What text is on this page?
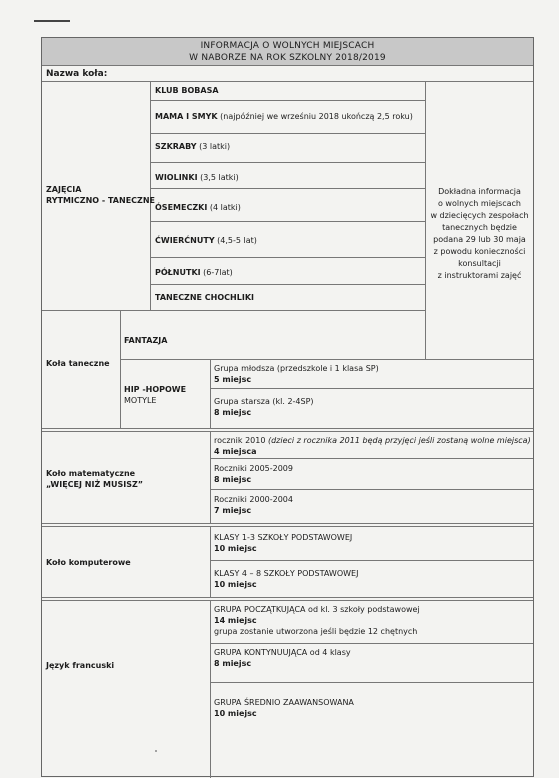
INFORMACJA O WOLNYCH MIEJSCACH
W NABORZE NA ROK SZKOLNY 2018/2019
Nazwa koła:
ZAJĘCIA
RYTMICZNO - TANECZNE
KLUB BOBASA
MAMA I SMYK (najpóźniej we wrześniu 2018 ukończą 2,5 roku)
SZKRABY (3 latki)
WIOLINKI (3,5 latki)
ÓSEMECZKI (4 latki)
ĆWIERĆNUTY (4,5-5 lat)
PÓŁNUTKI (6-7lat)
TANECZNE CHOCHLIKI
Dokładna informacja
o wolnych miejscach
w dziecięcych zespołach
tanecznych będzie
podana 29 lub 30 maja
z powodu konieczności
konsultacji
z instruktorami zajęć
Koła taneczne
FANTAZJA
HIP -HOPOWE
MOTYLE
Grupa młodsza (przedszkole i 1 klasa SP)
5 miejsc
Grupa starsza (kl. 2-4SP)
8 miejsc
Koło matematyczne
„WIĘCEJ NIŻ MUSISZ”
rocznik 2010 (dzieci z rocznika 2011 będą przyjęci jeśli zostaną wolne miejsca)
4 miejsca
Roczniki 2005-2009
8 miejsc
Roczniki 2000-2004
7 miejsc
Koło komputerowe
KLASY 1-3 SZKOŁY PODSTAWOWEJ
10 miejsc
KLASY 4 – 8 SZKOŁY PODSTAWOWEJ
10 miejsc
Język francuski
GRUPA POCZĄTKUJĄCA od kl. 3 szkoły podstawowej
14 miejsc
grupa zostanie utworzona jeśli będzie 12 chętnych
GRUPA KONTYNUUJĄCA od 4 klasy
8 miejsc
GRUPA ŚREDNIO ZAAWANSOWANA
10 miejsc
